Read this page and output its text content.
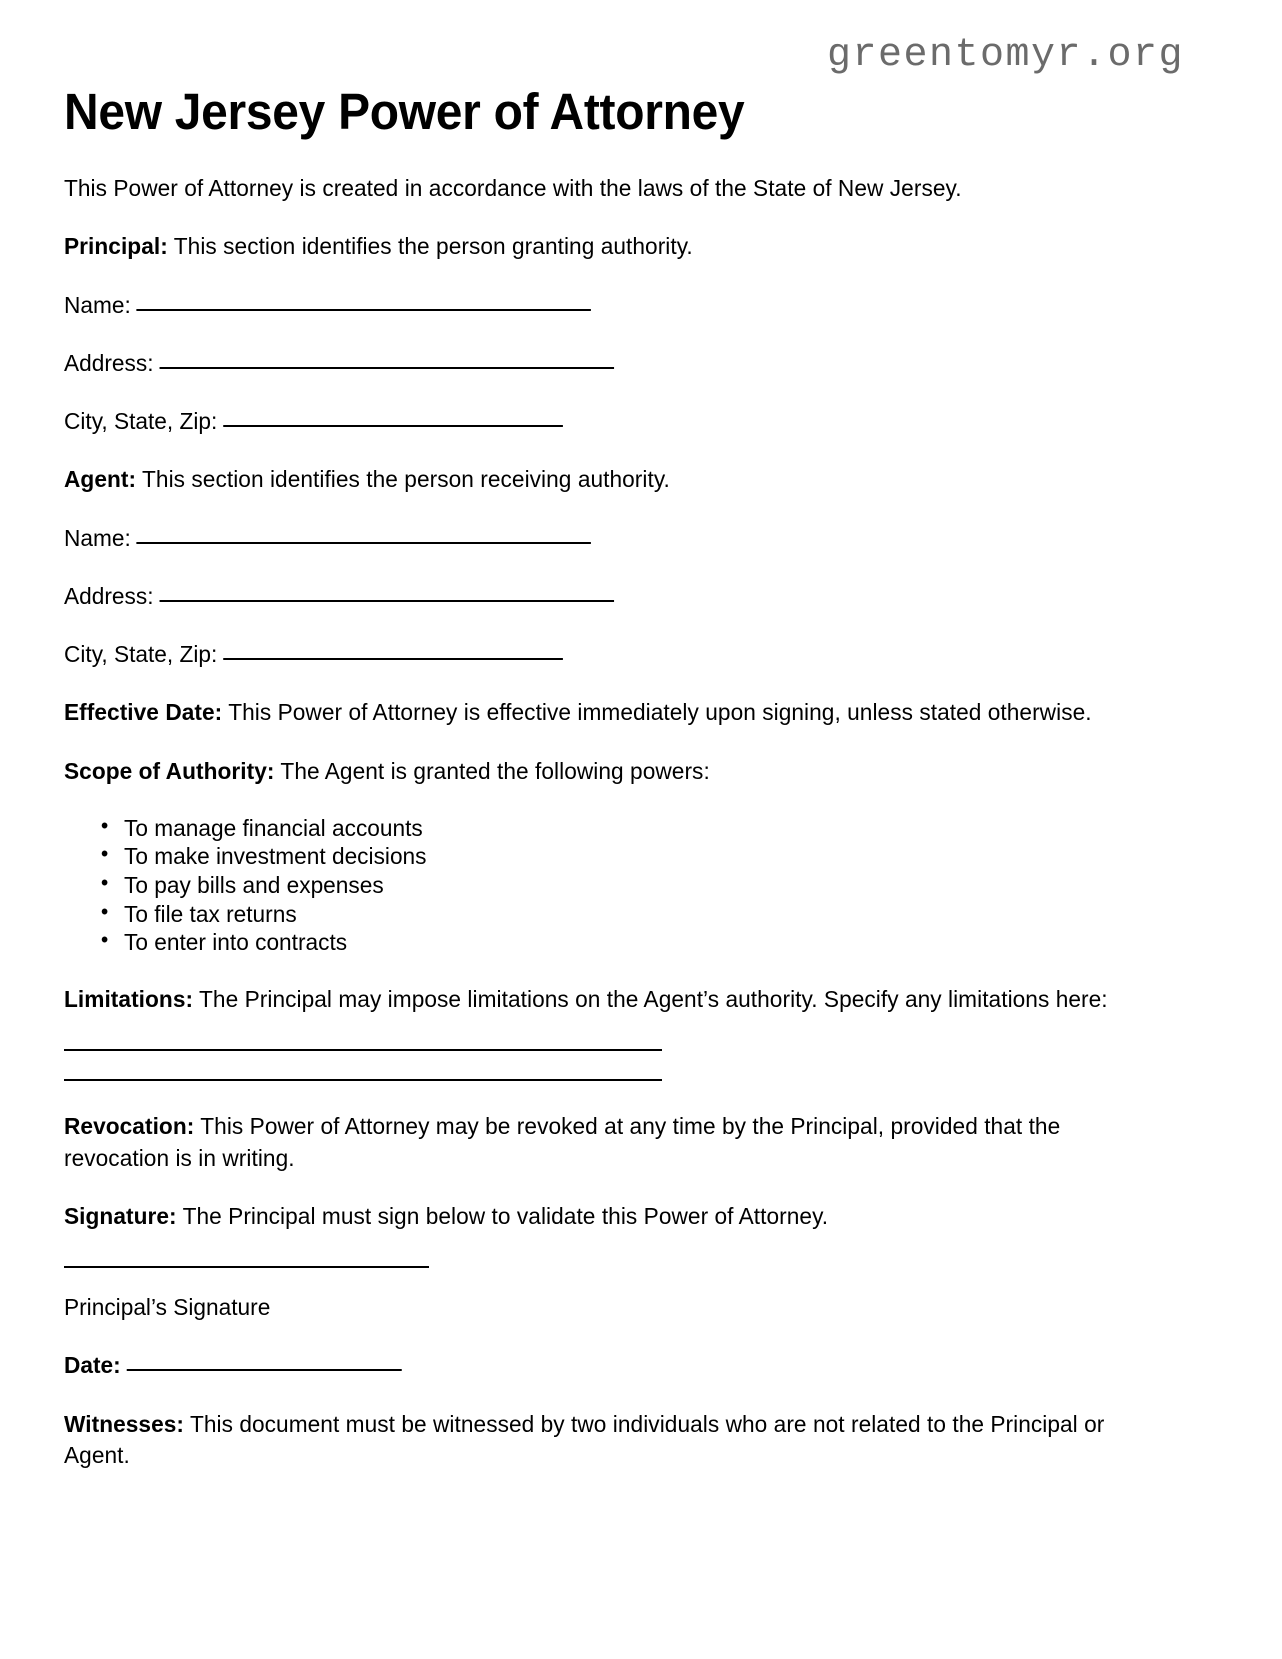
greentomyr.org
New Jersey Power of Attorney

This Power of Attorney is created in accordance with the laws of the State of New Jersey.

Principal: This section identifies the person granting authority.

Name:
Address:
City, State, Zip:

Agent: This section identifies the person receiving authority.

Name:
Address:
City, State, Zip:

Effective Date: This Power of Attorney is effective immediately upon signing, unless stated otherwise.

Scope of Authority: The Agent is granted the following powers:

• To manage financial accounts
• To make investment decisions
• To pay bills and expenses
• To file tax returns
• To enter into contracts

Limitations: The Principal may impose limitations on the Agent’s authority. Specify any limitations here:

Revocation: This Power of Attorney may be revoked at any time by the Principal, provided that the revocation is in writing.

Signature: The Principal must sign below to validate this Power of Attorney.

Principal’s Signature

Date:

Witnesses: This document must be witnessed by two individuals who are not related to the Principal or Agent.
